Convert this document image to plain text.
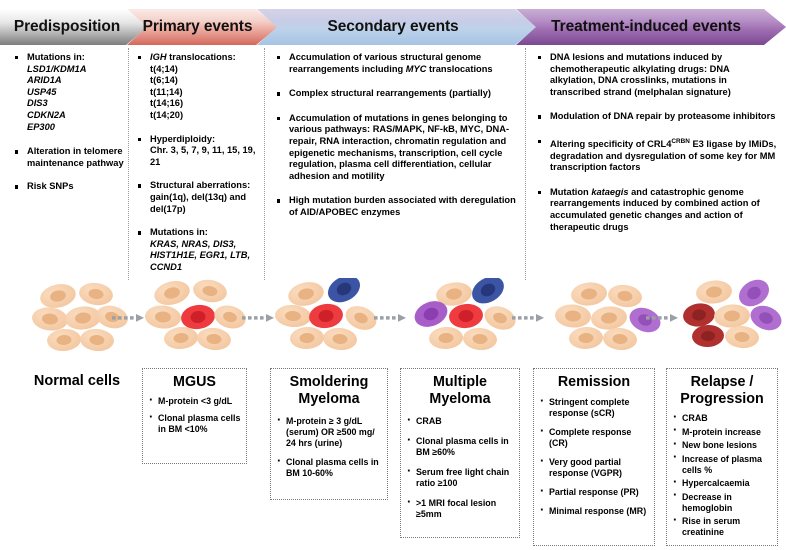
Predisposition Primary events	Secondary events	Treatment-induced events
Mutations in:
LSD1/KDM1A
ARID1A
USP45
DIS3
CDKN2A
EP300
Alteration in telomere maintenance pathway
Risk SNPs
IGH translocations:
t(4;14)
t(6;14)
t(11;14)
t(14;16)
t(14;20)
Hyperdiploidy:
Chr. 3, 5, 7, 9, 11, 15, 19, 21
Structural aberrations: gain(1q), del(13q) and del(17p)
Mutations in:
KRAS, NRAS, DIS3, HIST1H1E, EGR1, LTB, CCND1
Accumulation of various structural genome rearrangements including MYC translocations
Complex structural rearrangements (partially)
Accumulation of mutations in genes belonging to various pathways: RAS/MAPK, NF-kB, MYC, DNA-repair, RNA interaction, chromatin regulation and epigenetic mechanisms, transcription, cell cycle regulation, plasma cell differentiation, cellular adhesion and motility
High mutation burden associated with deregulation of AID/APOBEC enzymes
DNA lesions and mutations induced by chemotherapeutic alkylating drugs: DNA alkylation, DNA crosslinks, mutations in transcribed strand (melphalan signature)
Modulation of DNA repair by proteasome inhibitors
Altering specificity of $CRL4^{CRBN}$ E3 ligase by IMiDs, degradation and dysregulation of some key for MM transcription factors
Mutation kataegis and catastrophic genome rearrangements induced by combined action of accumulated genetic changes and action of therapeutic drugs
Normal cells	MGUS
· M-protein <3 g/dL
· Clonal plasma cells in BM <10%
Smoldering Myeloma
· M-protein ≥ 3 g/dL (serum) OR ≥500 mg/ 24 hrs (urine)
· Clonal plasma cells in BM 10-60%
Multiple Myeloma
· CRAB
· Clonal plasma cells in BM ≥60%
· Serum free light chain ratio ≥100
· >1 MRI focal lesion ≥5mm
Remission
· Stringent complete response (sCR)
· Complete response (CR)
· Very good partial response (VGPR)
· Partial response (PR)
· Minimal response (MR)
Relapse / Progression
· CRAB
· M-protein increase
· New bone lesions
· Increase of plasma cells %
· Hypercalcaemia
· Decrease in hemoglobin
· Rise in serum creatinine
